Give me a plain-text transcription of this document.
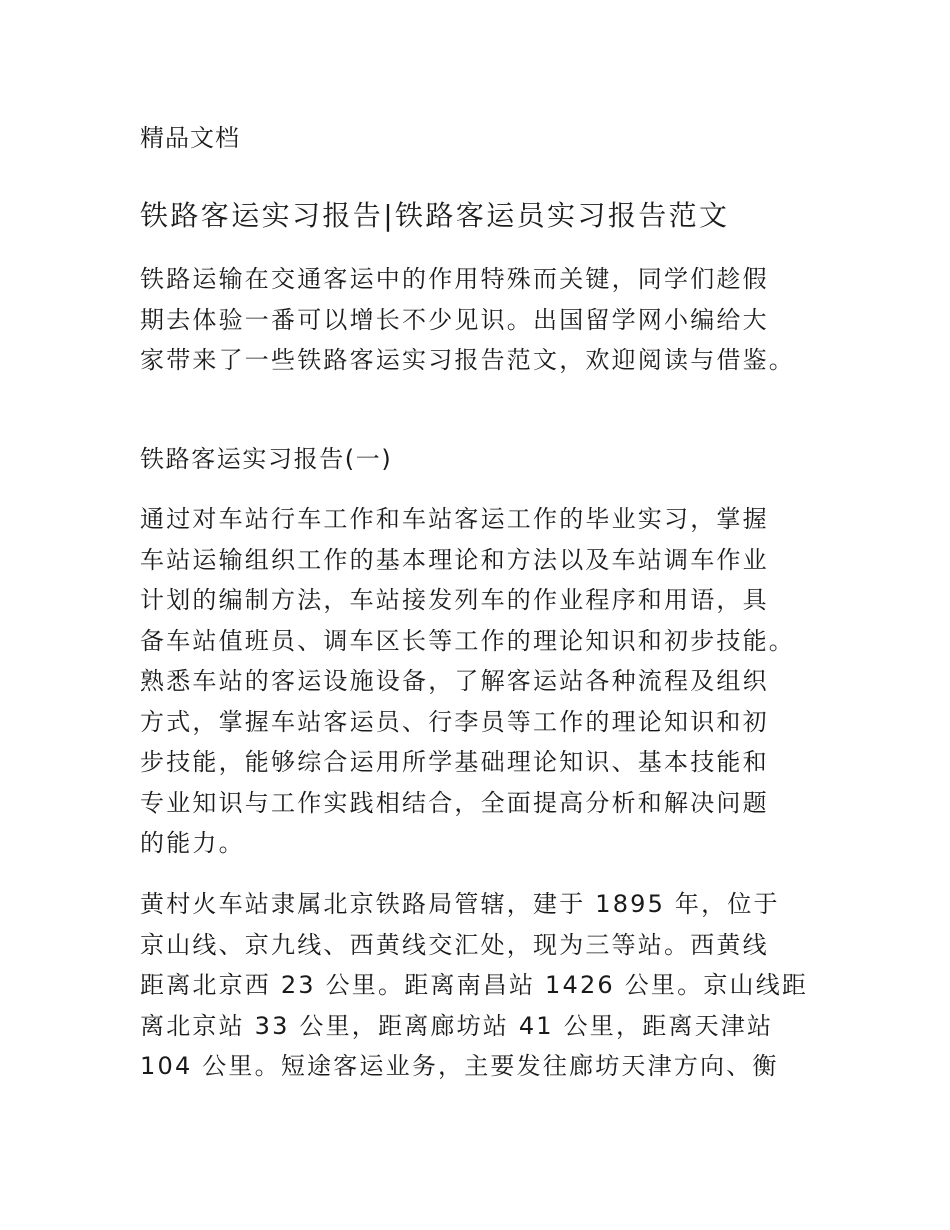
精品文档
铁路客运实习报告|铁路客运员实习报告范文

铁路运输在交通客运中的作用特殊而关键，同学们趁假
期去体验一番可以增长不少见识。出国留学网小编给大
家带来了一些铁路客运实习报告范文，欢迎阅读与借鉴。

铁路客运实习报告(一)

通过对车站行车工作和车站客运工作的毕业实习，掌握
车站运输组织工作的基本理论和方法以及车站调车作业
计划的编制方法，车站接发列车的作业程序和用语，具
备车站值班员、调车区长等工作的理论知识和初步技能。
熟悉车站的客运设施设备，了解客运站各种流程及组织
方式，掌握车站客运员、行李员等工作的理论知识和初
步技能，能够综合运用所学基础理论知识、基本技能和
专业知识与工作实践相结合，全面提高分析和解决问题
的能力。

黄村火车站隶属北京铁路局管辖，建于 1895 年，位于
京山线、京九线、西黄线交汇处，现为三等站。西黄线
距离北京西 23 公里。距离南昌站 1426 公里。京山线距
离北京站 33 公里，距离廊坊站 41 公里，距离天津站
104 公里。短途客运业务，主要发往廊坊天津方向、衡
